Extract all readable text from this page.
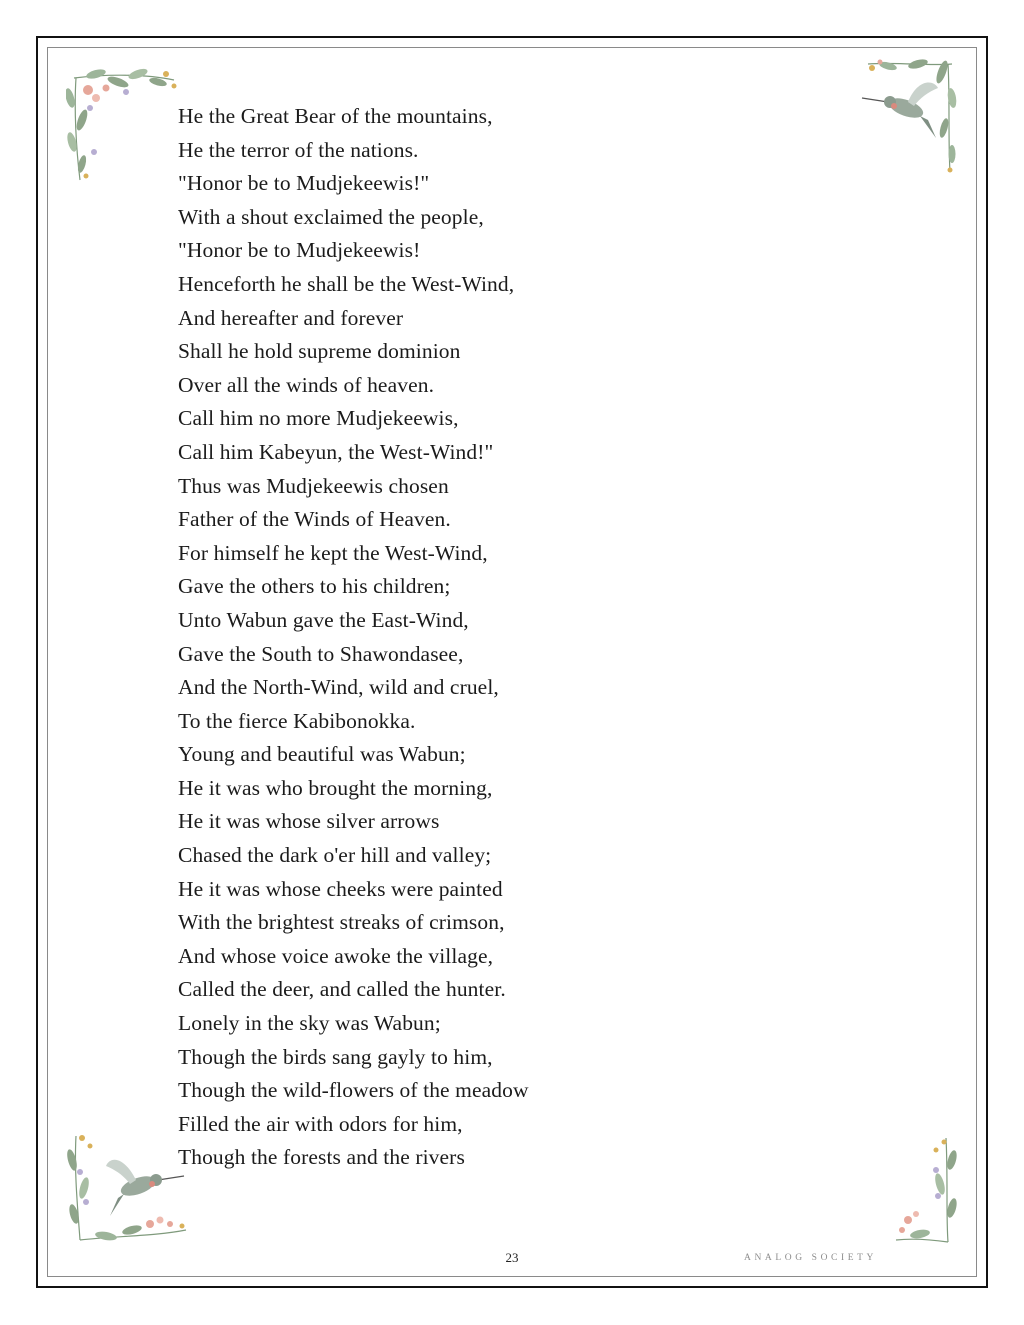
He the Great Bear of the mountains,
He the terror of the nations.
"Honor be to Mudjekeewis!"
With a shout exclaimed the people,
"Honor be to Mudjekeewis!
Henceforth he shall be the West-Wind,
And hereafter and forever
Shall he hold supreme dominion
Over all the winds of heaven.
Call him no more Mudjekeewis,
Call him Kabeyun, the West-Wind!"
Thus was Mudjekeewis chosen
Father of the Winds of Heaven.
For himself he kept the West-Wind,
Gave the others to his children;
Unto Wabun gave the East-Wind,
Gave the South to Shawondasee,
And the North-Wind, wild and cruel,
To the fierce Kabibonokka.
Young and beautiful was Wabun;
He it was who brought the morning,
He it was whose silver arrows
Chased the dark o'er hill and valley;
He it was whose cheeks were painted
With the brightest streaks of crimson,
And whose voice awoke the village,
Called the deer, and called the hunter.
Lonely in the sky was Wabun;
Though the birds sang gayly to him,
Though the wild-flowers of the meadow
Filled the air with odors for him,
Though the forests and the rivers
23	ANALOG SOCIETY
